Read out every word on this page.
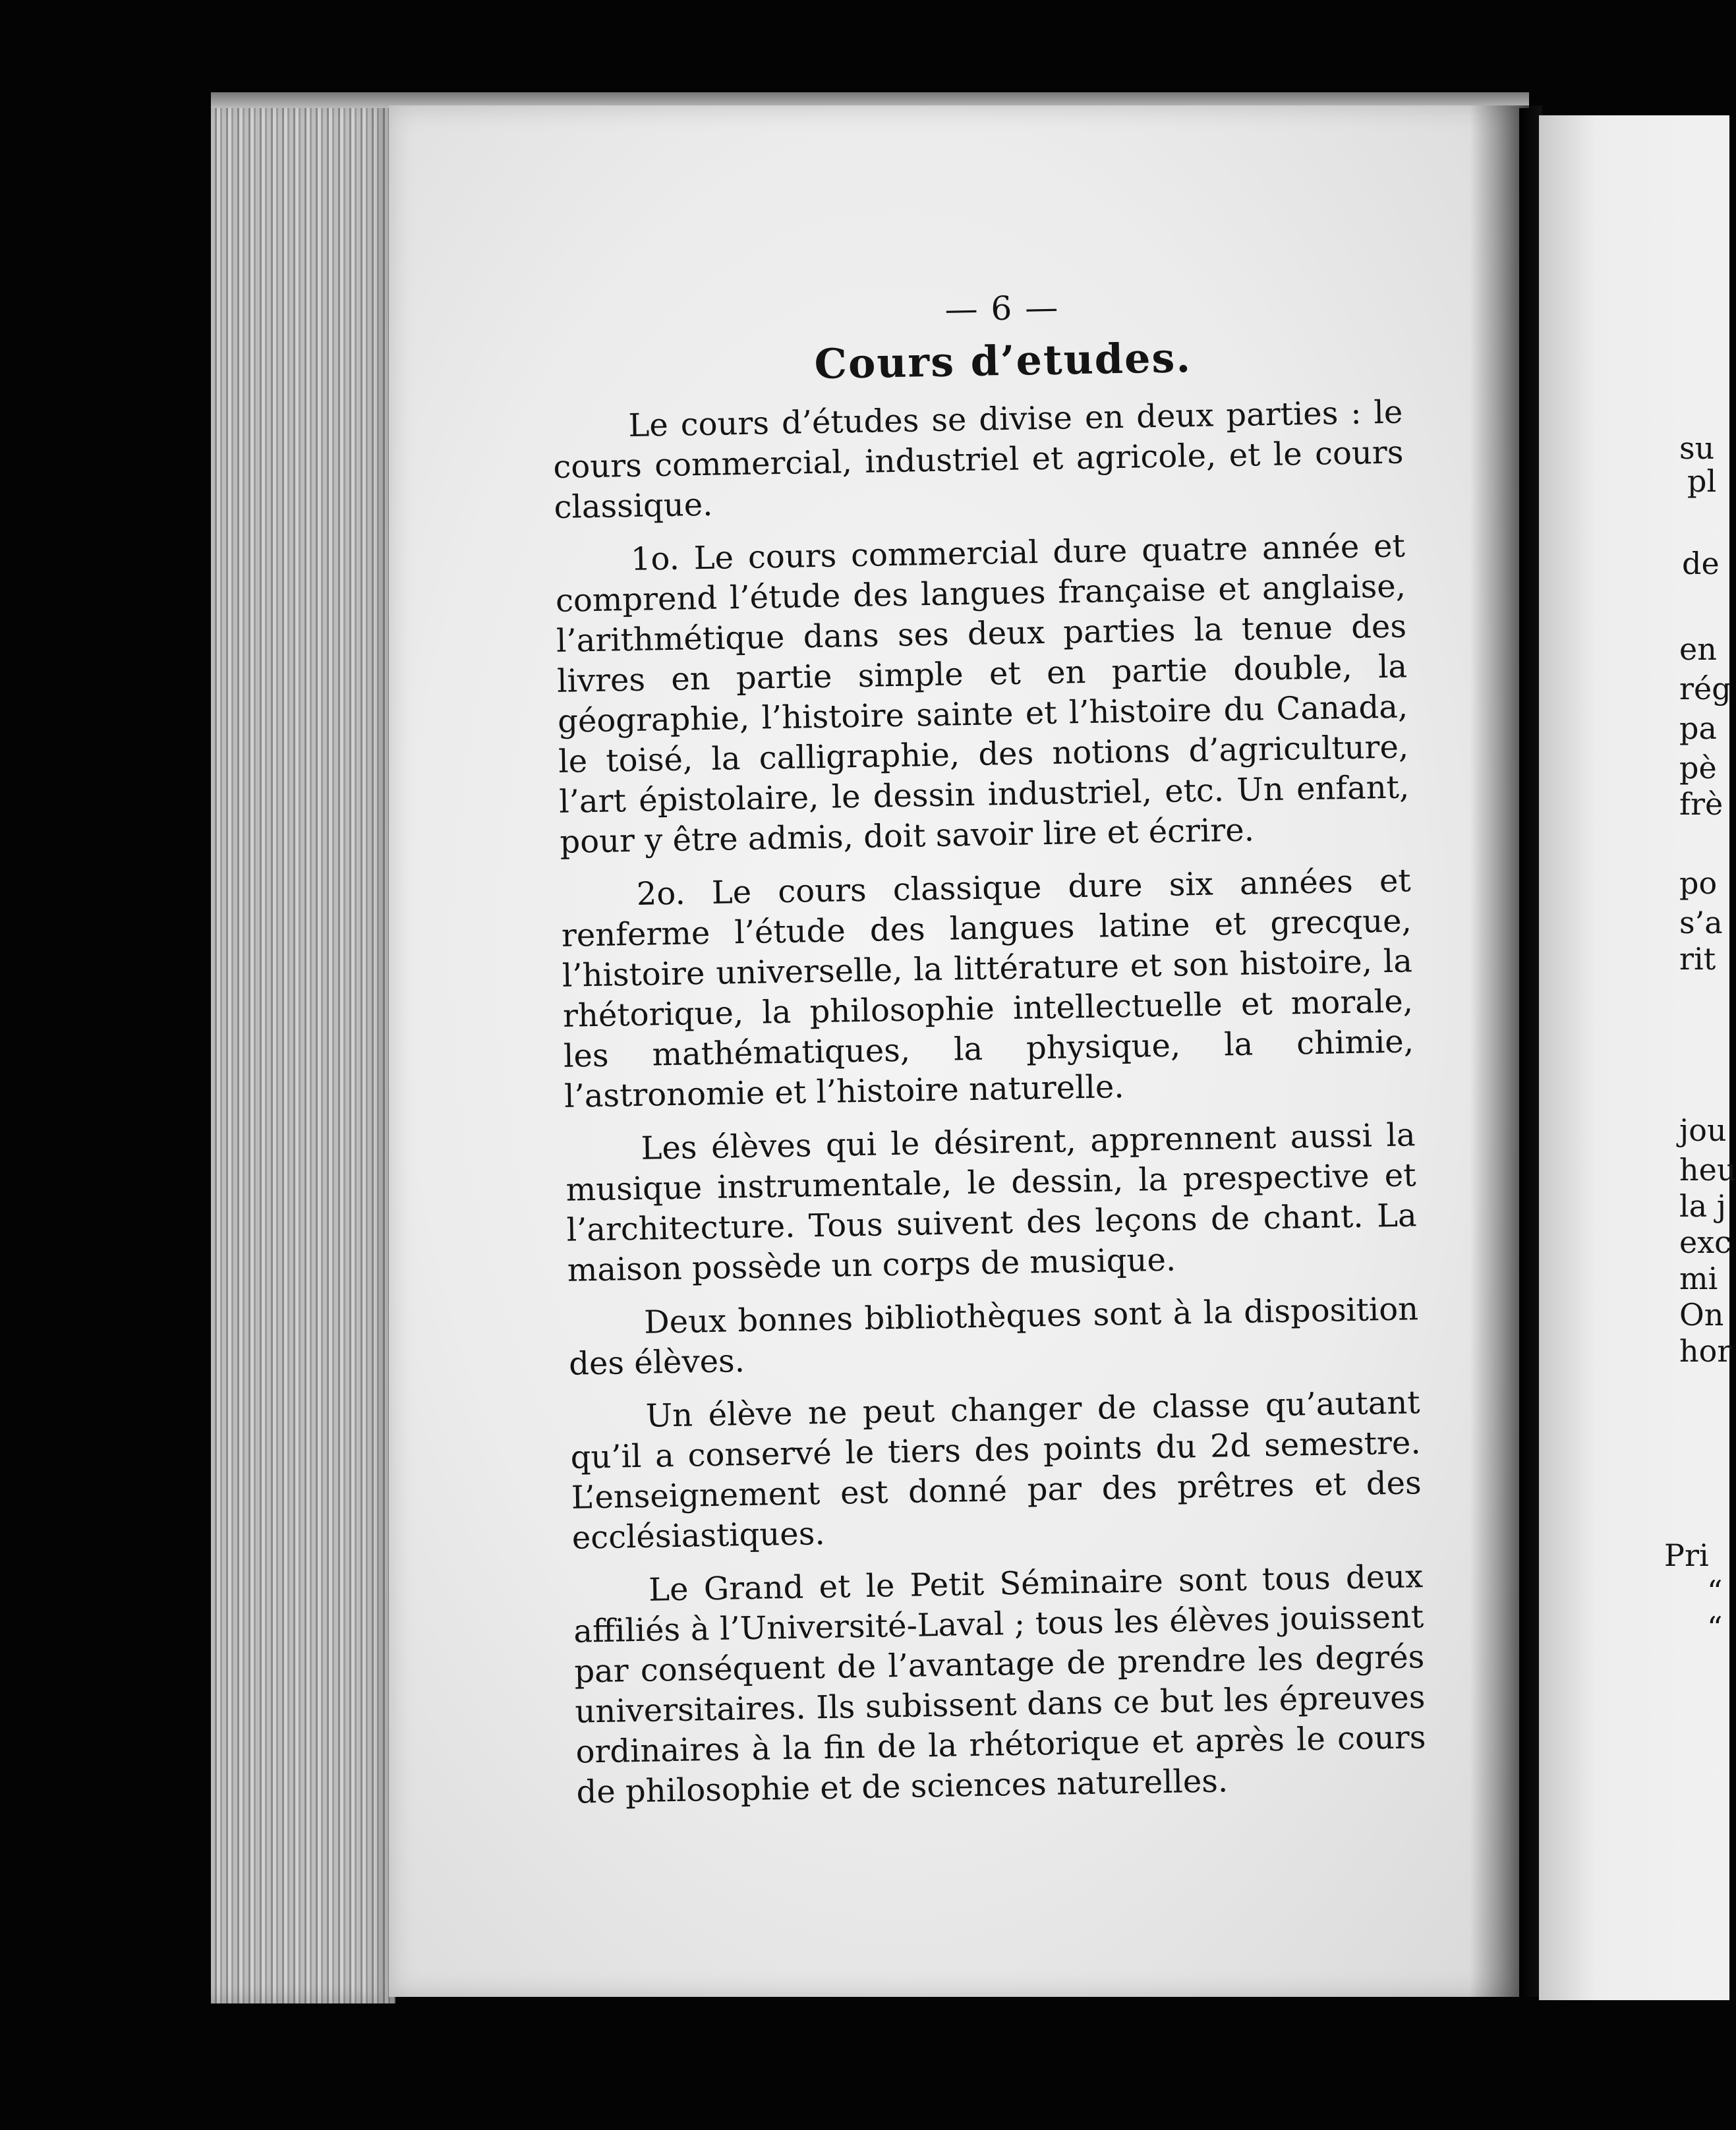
— 6 —
Cours d’etudes.

Le cours d’études se divise en deux parties : le cours commercial, industriel et agricole, et le cours classique.

1o. Le cours commercial dure quatre année et comprend l’étude des langues française et anglaise, l’arithmétique dans ses deux parties la tenue des livres en partie simple et en partie double, la géographie, l’histoire sainte et l’histoire du Canada, le toisé, la calligraphie, des notions d’agriculture, l’art épistolaire, le dessin industriel, etc. Un enfant, pour y être admis, doit savoir lire et écrire.

2o. Le cours classique dure six années et renferme l’étude des langues latine et grecque, l’histoire universelle, la littérature et son histoire, la rhétorique, la philosophie intellectuelle et morale, les mathématiques, la physique, la chimie, l’astronomie et l’histoire naturelle.

Les élèves qui le désirent, apprennent aussi la musique instrumentale, le dessin, la prespective et l’architecture. Tous suivent des leçons de chant. La maison possède un corps de musique.

Deux bonnes bibliothèques sont à la disposition des élèves.

Un élève ne peut changer de classe qu’autant qu’il a conservé le tiers des points du 2d semestre. L’enseignement est donné par des prêtres et des ecclésiastiques.

Le Grand et le Petit Séminaire sont tous deux affiliés à l’Université-Laval ; tous les élèves jouissent par conséquent de l’avantage de prendre les degrés universitaires. Ils subissent dans ce but les épreuves ordinaires à la fin de la rhétorique et après le cours de philosophie et de sciences naturelles.

su
pl
de
en
rég
pa
pè
frè
po
s’a
rit
jou
heu
la j
exc
mi
On
hor
Pri
“
“
